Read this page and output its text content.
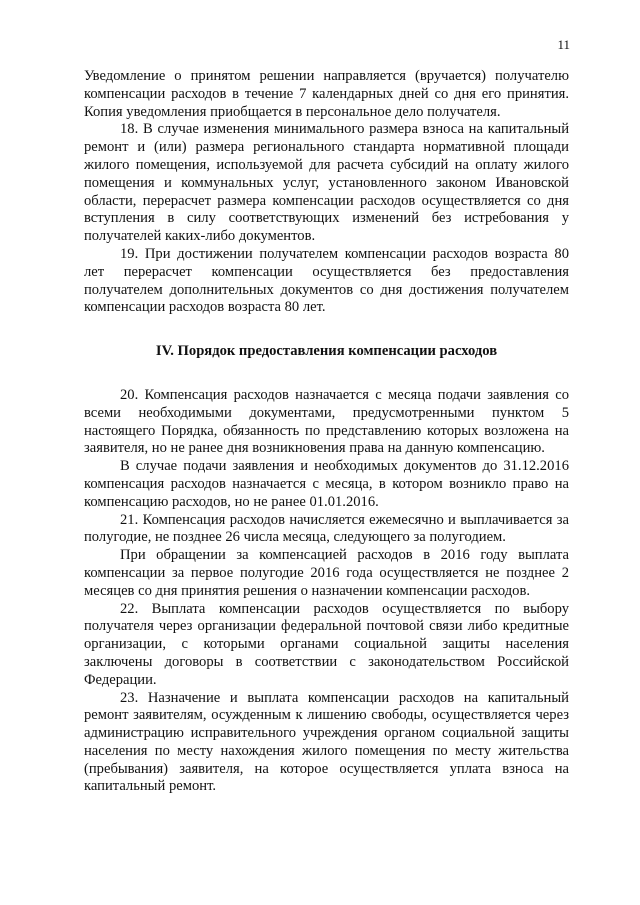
11

Уведомление о принятом решении направляется (вручается) получателю компенсации расходов в течение 7 календарных дней со дня его принятия. Копия уведомления приобщается в персональное дело получателя.

18. В случае изменения минимального размера взноса на капитальный ремонт и (или) размера регионального стандарта нормативной площади жилого помещения, используемой для расчета субсидий на оплату жилого помещения и коммунальных услуг, установленного законом Ивановской области, перерасчет размера компенсации расходов осуществляется со дня вступления в силу соответствующих изменений без истребования у получателей каких-либо документов.

19. При достижении получателем компенсации расходов возраста 80 лет перерасчет компенсации осуществляется без предоставления получателем дополнительных документов со дня достижения получателем компенсации расходов возраста 80 лет.

IV. Порядок предоставления компенсации расходов

20. Компенсация расходов назначается с месяца подачи заявления со всеми необходимыми документами, предусмотренными пунктом 5 настоящего Порядка, обязанность по представлению которых возложена на заявителя, но не ранее дня возникновения права на данную компенсацию.

В случае подачи заявления и необходимых документов до 31.12.2016 компенсация расходов назначается с месяца, в котором возникло право на компенсацию расходов, но не ранее 01.01.2016.

21. Компенсация расходов начисляется ежемесячно и выплачивается за полугодие, не позднее 26 числа месяца, следующего за полугодием.

При обращении за компенсацией расходов в 2016 году выплата компенсации за первое полугодие 2016 года осуществляется не позднее 2 месяцев со дня принятия решения о назначении компенсации расходов.

22. Выплата компенсации расходов осуществляется по выбору получателя через организации федеральной почтовой связи либо кредитные организации, с которыми органами социальной защиты населения заключены договоры в соответствии с законодательством Российской Федерации.

23. Назначение и выплата компенсации расходов на капитальный ремонт заявителям, осужденным к лишению свободы, осуществляется через администрацию исправительного учреждения органом социальной защиты населения по месту нахождения жилого помещения по месту жительства (пребывания) заявителя, на которое осуществляется уплата взноса на капитальный ремонт.
